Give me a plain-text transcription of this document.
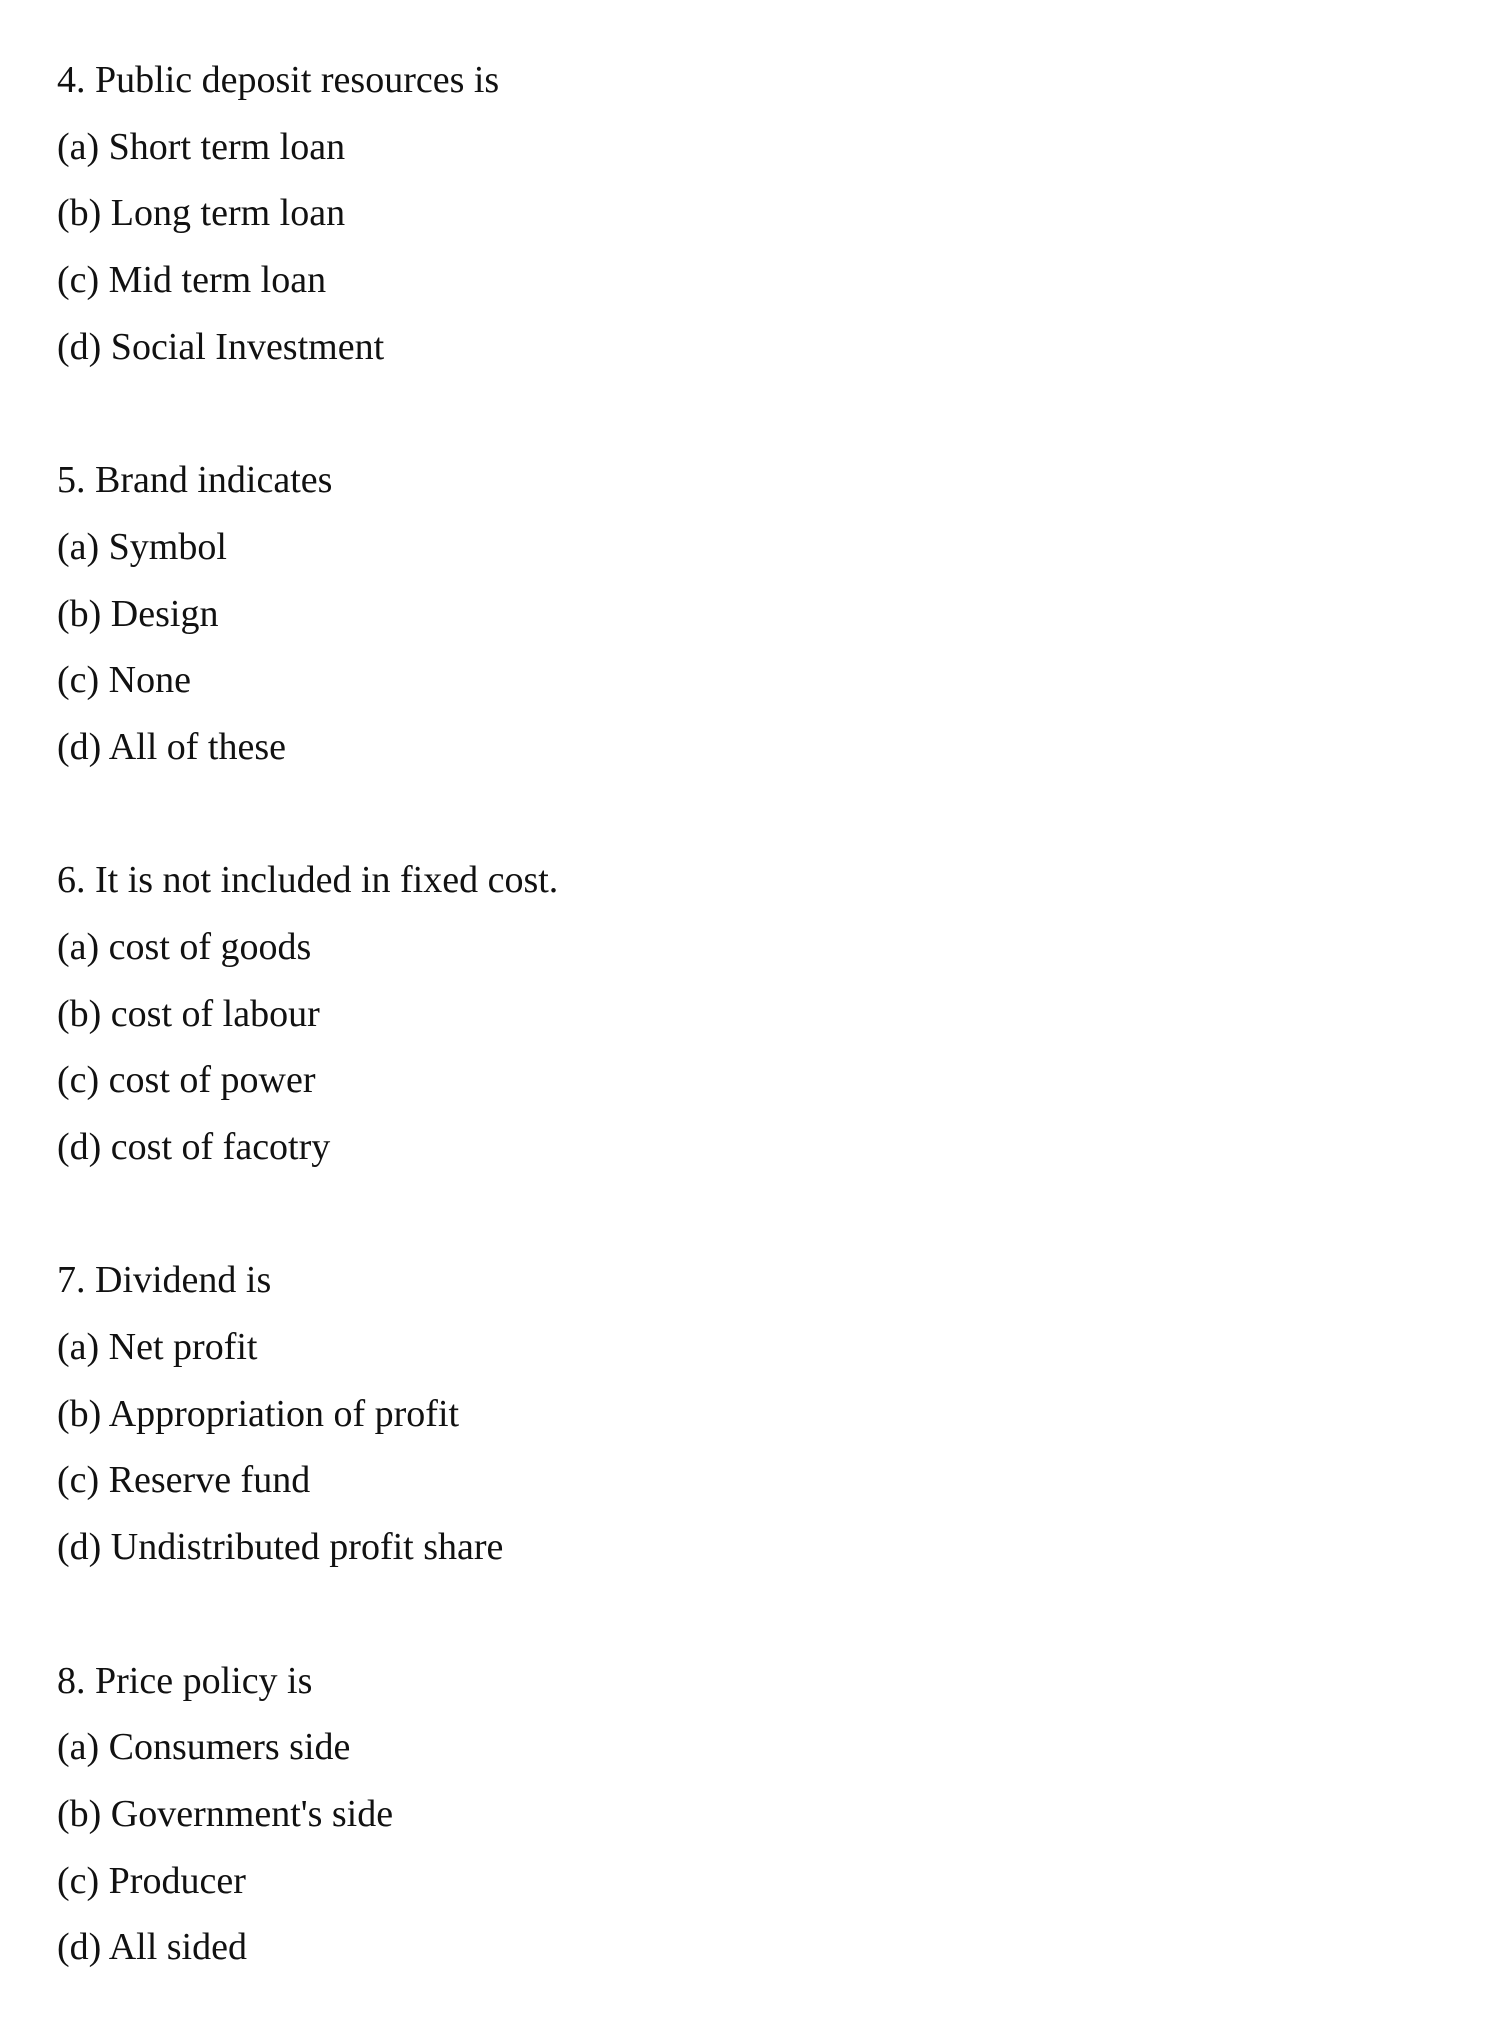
4. Public deposit resources is
(a) Short term loan
(b) Long term loan
(c) Mid term loan
(d) Social Investment
5. Brand indicates
(a) Symbol
(b) Design
(c) None
(d) All of these
6. It is not included in fixed cost.
(a) cost of goods
(b) cost of labour
(c) cost of power
(d) cost of facotry
7. Dividend is
(a) Net profit
(b) Appropriation of profit
(c) Reserve fund
(d) Undistributed profit share
8. Price policy is
(a) Consumers side
(b) Government's side
(c) Producer
(d) All sided
